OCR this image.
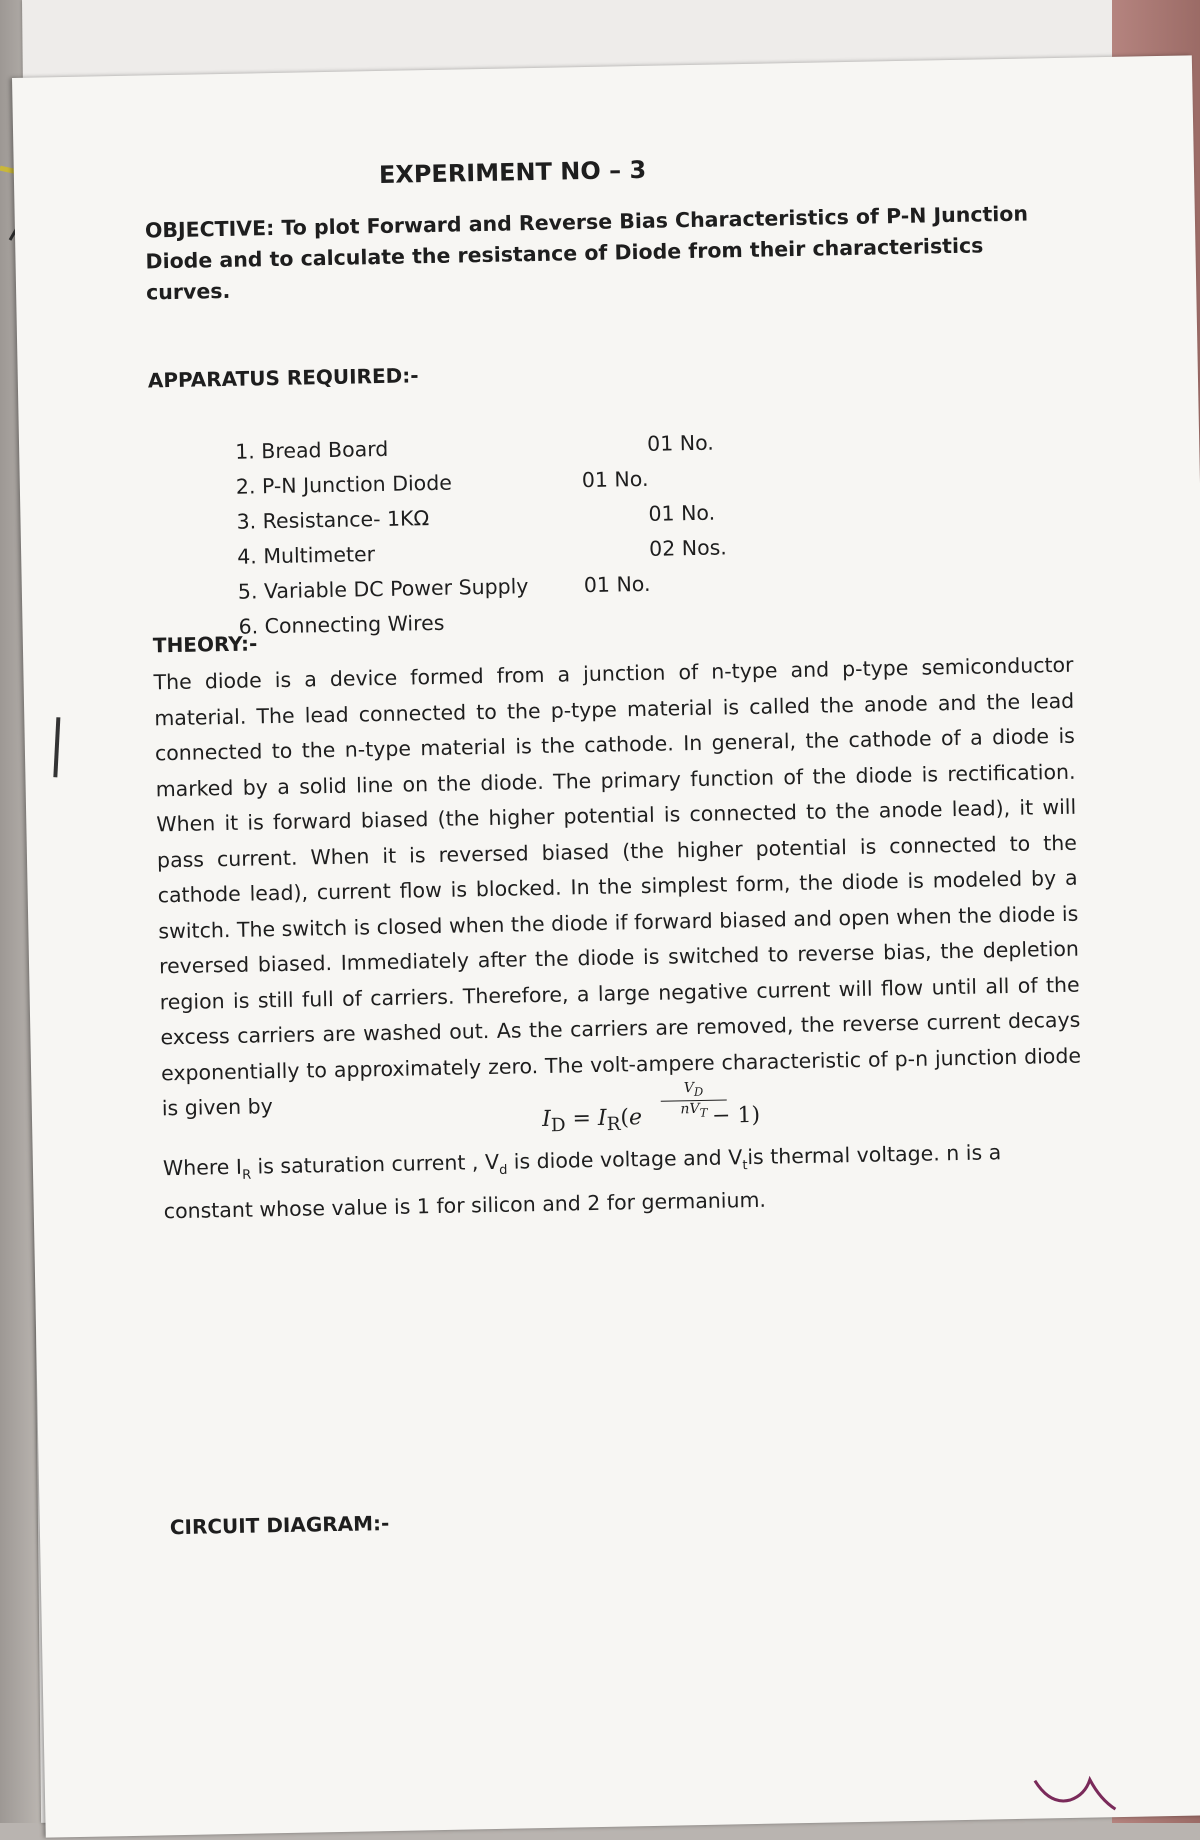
EXPERIMENT NO – 3

OBJECTIVE: To plot Forward and Reverse Bias Characteristics of P-N Junction Diode and to calculate the resistance of Diode from their characteristics curves.

APPARATUS REQUIRED:-
1. Bread Board	01 No.
2. P-N Junction Diode	01 No.
3. Resistance- 1KΩ	01 No.
4. Multimeter	02 Nos.
5. Variable DC Power Supply	01 No.
6. Connecting Wires
THEORY:-

The diode is a device formed from a junction of n-type and p-type semiconductor material. The lead connected to the p-type material is called the anode and the lead connected to the n-type material is the cathode. In general, the cathode of a diode is marked by a solid line on the diode. The primary function of the diode is rectification. When it is forward biased (the higher potential is connected to the anode lead), it will pass current. When it is reversed biased (the higher potential is connected to the cathode lead), current flow is blocked. In the simplest form, the diode is modeled by a switch. The switch is closed when the diode if forward biased and open when the diode is reversed biased. Immediately after the diode is switched to reverse bias, the depletion region is still full of carriers. Therefore, a large negative current will flow until all of the excess carriers are washed out. As the carriers are removed, the reverse current decays exponentially to approximately zero. The volt-ampere characteristic of p-n junction diode is given by

$V_D$
$nV_T$
$I_D = I_R(e$	− 1)

Where $I_R$ is saturation current , $V_d$ is diode voltage and $V_tis$ thermal voltage. n is a constant whose value is 1 for silicon and 2 for germanium.

CIRCUIT DIAGRAM:-
